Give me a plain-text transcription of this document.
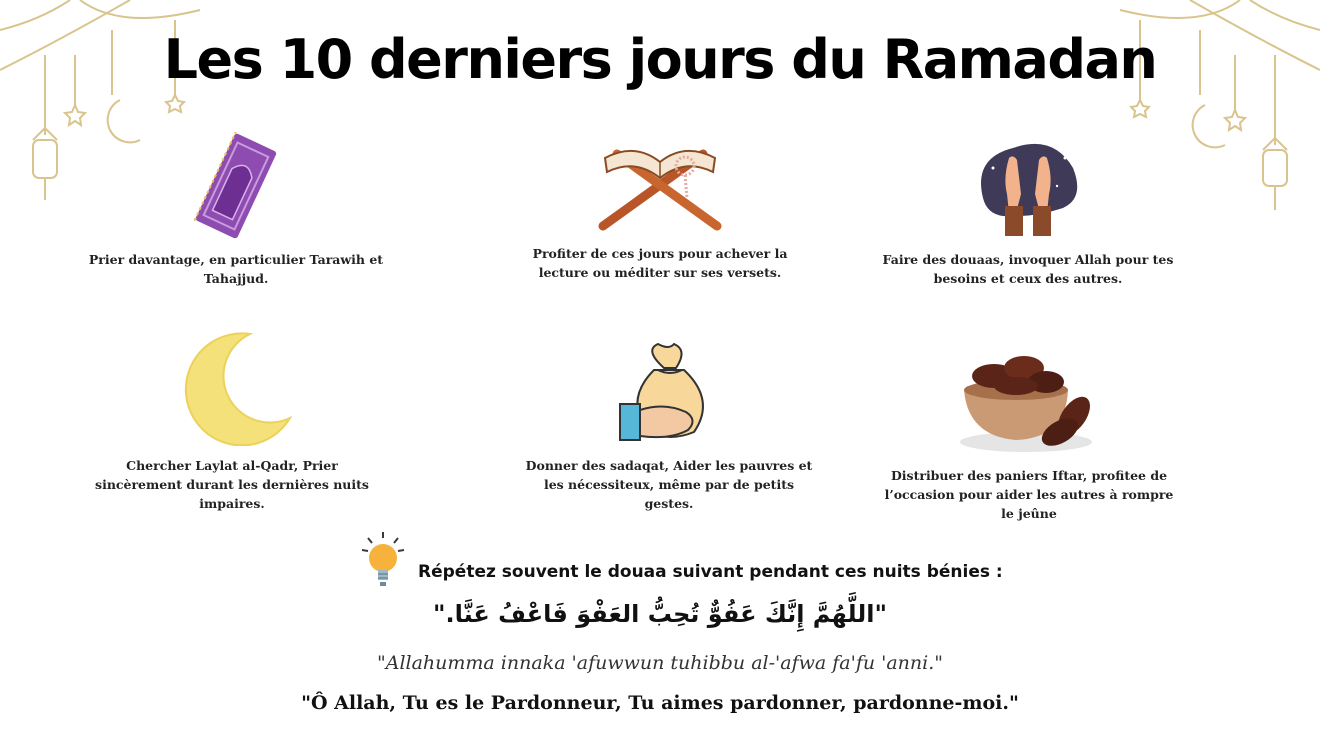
Les 10 derniers jours du Ramadan
Prier davantage, en particulier Tarawih et Tahajjud.
Profiter de ces jours pour achever la lecture ou méditer sur ses versets.
Faire des douaas, invoquer Allah pour tes besoins et ceux des autres.
Chercher Laylat al-Qadr, Prier sincèrement durant les dernières nuits impaires.
Donner des sadaqat, Aider les pauvres et les nécessiteux, même par de petits gestes.
Distribuer des paniers Iftar, profitee de l’occasion pour aider les autres à rompre le jeûne
Répétez souvent le douaa suivant pendant ces nuits bénies :
"اللَّهُمَّ إِنَّكَ عَفُوٌّ تُحِبُّ العَفْوَ فَاعْفُ عَنَّا."
"Allahumma innaka 'afuwwun tuhibbu al-'afwa fa'fu 'anni."
"Ô Allah, Tu es le Pardonneur, Tu aimes pardonner, pardonne-moi."
